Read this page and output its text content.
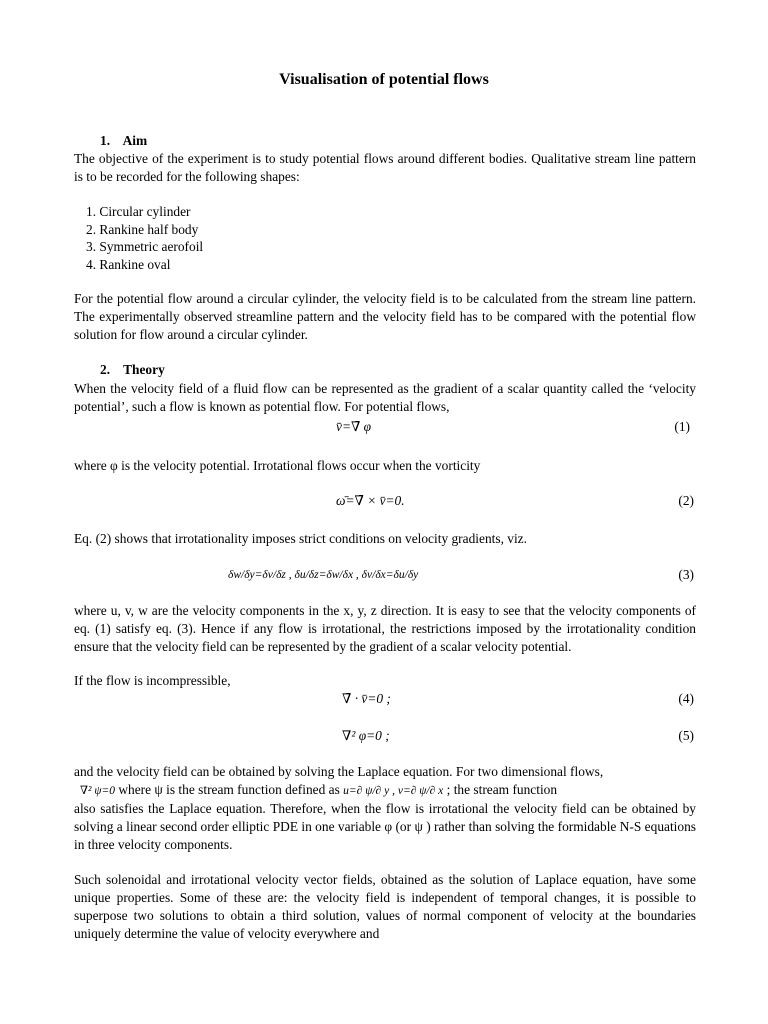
Visualisation of potential flows
1. Aim
The objective of the experiment is to study potential flows around different bodies. Qualitative stream line pattern is to be recorded for the following shapes:
1. Circular cylinder
2. Rankine half body
3. Symmetric aerofoil
4. Rankine oval
For the potential flow around a circular cylinder, the velocity field is to be calculated from the stream line pattern. The experimentally observed streamline pattern and the velocity field has to be compared with the potential flow solution for flow around a circular cylinder.
2. Theory
When the velocity field of a fluid flow can be represented as the gradient of a scalar quantity called the ‘velocity potential’, such a flow is known as potential flow. For potential flows,
v̄=∇̄ φ	(1)
where φ is the velocity potential. Irrotational flows occur when the vorticity
ω̄=∇̄ × v̄=0.	(2)
Eq. (2) shows that irrotationality imposes strict conditions on velocity gradients, viz.
δw/δy=δv/δz , δu/δz=δw/δx , δv/δx=δu/δy	(3)
where u, v, w are the velocity components in the x, y, z direction. It is easy to see that the velocity components of eq. (1) satisfy eq. (3). Hence if any flow is irrotational, the restrictions imposed by the irrotationality condition ensure that the velocity field can be represented by the gradient of a scalar velocity potential.
If the flow is incompressible,
∇̄ · v̄=0 ;	(4)
∇² φ=0 ;	(5)
and the velocity field can be obtained by solving the Laplace equation. For two dimensional flows,
∇² ψ=0 where ψ is the stream function defined as u=∂ ψ/∂ y , v=∂ ψ/∂ x ; the stream function
also satisfies the Laplace equation. Therefore, when the flow is irrotational the velocity field can be obtained by solving a linear second order elliptic PDE in one variable φ (or ψ ) rather than solving the formidable N-S equations in three velocity components.
Such solenoidal and irrotational velocity vector fields, obtained as the solution of Laplace equation, have some unique properties. Some of these are: the velocity field is independent of temporal changes, it is possible to superpose two solutions to obtain a third solution, values of normal component of velocity at the boundaries uniquely determine the value of velocity everywhere and
